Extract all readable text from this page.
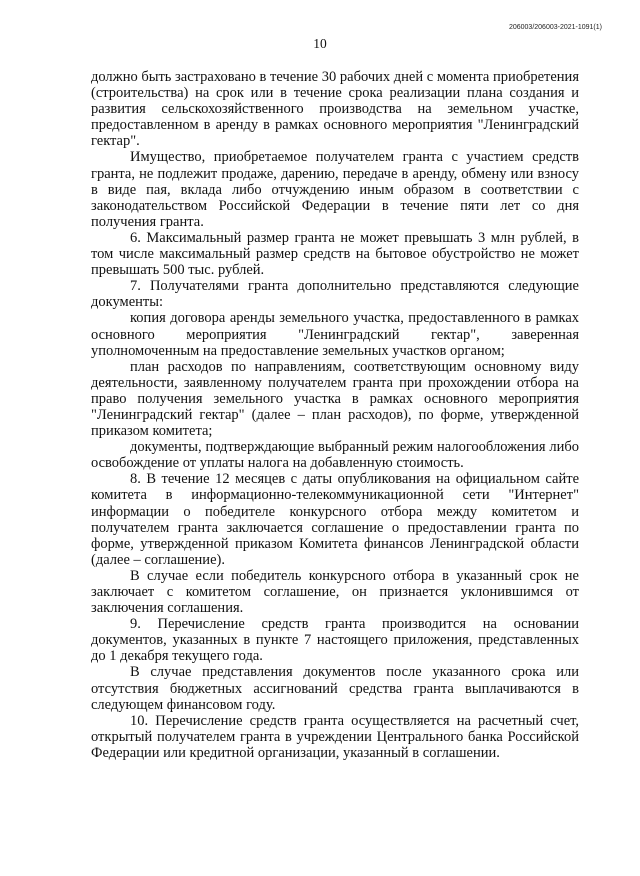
206003/206003-2021-1091(1)
10

должно быть застраховано в течение 30 рабочих дней с момента приобретения (строительства) на срок или в течение срока реализации плана создания и развития сельскохозяйственного производства на земельном участке, предоставленном в аренду в рамках основного мероприятия "Ленинградский гектар".

Имущество, приобретаемое получателем гранта с участием средств гранта, не подлежит продаже, дарению, передаче в аренду, обмену или взносу в виде пая, вклада либо отчуждению иным образом в соответствии с законодательством Российской Федерации в течение пяти лет со дня получения гранта.

6. Максимальный размер гранта не может превышать 3 млн рублей, в том числе максимальный размер средств на бытовое обустройство не может превышать 500 тыс. рублей.

7. Получателями гранта дополнительно представляются следующие документы:

копия договора аренды земельного участка, предоставленного в рамках основного мероприятия "Ленинградский гектар", заверенная уполномоченным на предоставление земельных участков органом;

план расходов по направлениям, соответствующим основному виду деятельности, заявленному получателем гранта при прохождении отбора на право получения земельного участка в рамках основного мероприятия "Ленинградский гектар" (далее – план расходов), по форме, утвержденной приказом комитета;

документы, подтверждающие выбранный режим налогообложения либо освобождение от уплаты налога на добавленную стоимость.

8. В течение 12 месяцев с даты опубликования на официальном сайте комитета в информационно-телекоммуникационной сети "Интернет" информации о победителе конкурсного отбора между комитетом и получателем гранта заключается соглашение о предоставлении гранта по форме, утвержденной приказом Комитета финансов Ленинградской области (далее – соглашение).

В случае если победитель конкурсного отбора в указанный срок не заключает с комитетом соглашение, он признается уклонившимся от заключения соглашения.

9. Перечисление средств гранта производится на основании документов, указанных в пункте 7 настоящего приложения, представленных до 1 декабря текущего года.

В случае представления документов после указанного срока или отсутствия бюджетных ассигнований средства гранта выплачиваются в следующем финансовом году.

10. Перечисление средств гранта осуществляется на расчетный счет, открытый получателем гранта в учреждении Центрального банка Российской Федерации или кредитной организации, указанный в соглашении.
